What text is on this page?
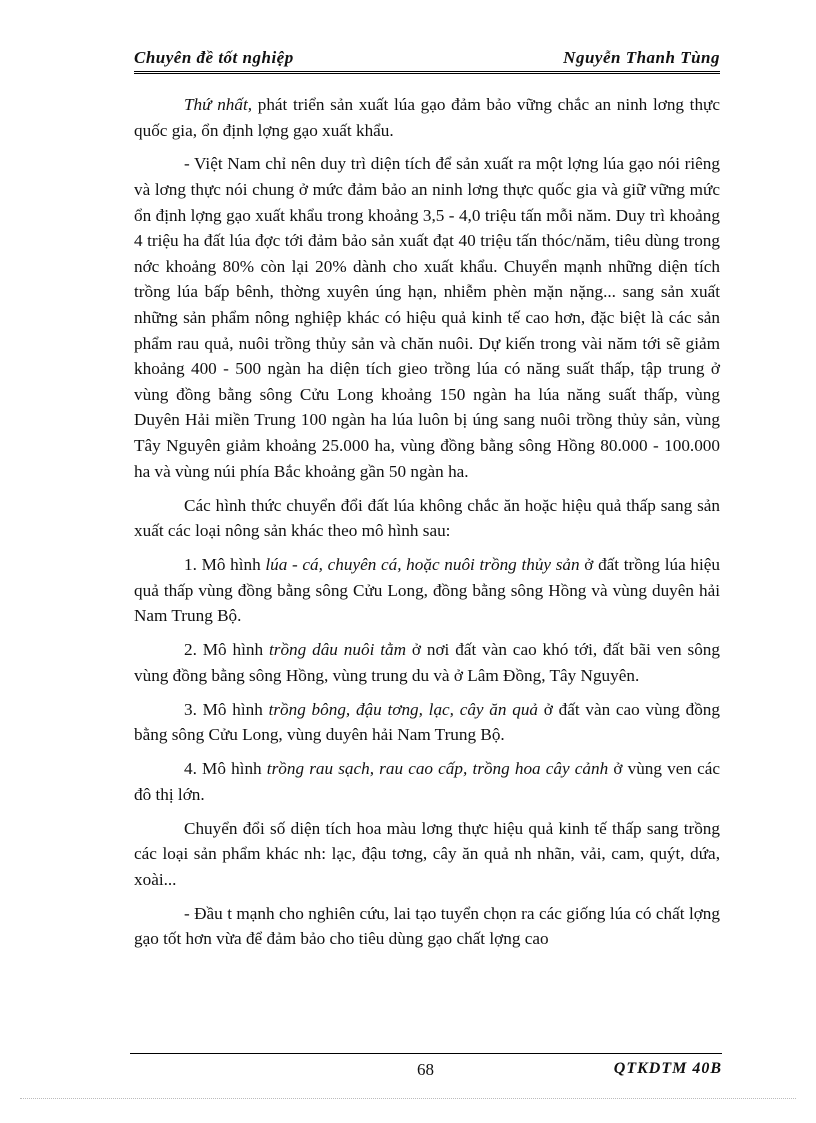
Chuyên đề tốt nghiệp	Nguyễn Thanh Tùng

Thứ nhất, phát triển sản xuất lúa gạo đảm bảo vững chắc an ninh lơng thực quốc gia, ổn định lợng gạo xuất khẩu.

- Việt Nam chỉ nên duy trì diện tích để sản xuất ra một lợng lúa gạo nói riêng và lơng thực nói chung ở mức đảm bảo an ninh lơng thực quốc gia và giữ vững mức ổn định lợng gạo xuất khẩu trong khoảng 3,5 - 4,0 triệu tấn mỗi năm. Duy trì khoảng 4 triệu ha đất lúa đợc tới đảm bảo sản xuất đạt 40 triệu tấn thóc/năm, tiêu dùng trong nớc khoảng 80% còn lại 20% dành cho xuất khẩu. Chuyển mạnh những diện tích trồng lúa bấp bênh, thờng xuyên úng hạn, nhiễm phèn mặn nặng... sang sản xuất những sản phẩm nông nghiệp khác có hiệu quả kinh tế cao hơn, đặc biệt là các sản phẩm rau quả, nuôi trồng thủy sản và chăn nuôi. Dự kiến trong vài năm tới sẽ giảm khoảng 400 - 500 ngàn ha diện tích gieo trồng lúa có năng suất thấp, tập trung ở vùng đồng bằng sông Cửu Long khoảng 150 ngàn ha lúa năng suất thấp, vùng Duyên Hải miền Trung 100 ngàn ha lúa luôn bị úng sang nuôi trồng thủy sản, vùng Tây Nguyên giảm khoảng 25.000 ha, vùng đồng bằng sông Hồng 80.000 - 100.000 ha và vùng núi phía Bắc khoảng gần 50 ngàn ha.

Các hình thức chuyển đổi đất lúa không chắc ăn hoặc hiệu quả thấp sang sản xuất các loại nông sản khác theo mô hình sau:

1. Mô hình lúa - cá, chuyên cá, hoặc nuôi trồng thủy sản ở đất trồng lúa hiệu quả thấp vùng đồng bằng sông Cửu Long, đồng bằng sông Hồng và vùng duyên hải Nam Trung Bộ.

2. Mô hình trồng dâu nuôi tằm ở nơi đất vàn cao khó tới, đất bãi ven sông vùng đồng bằng sông Hồng, vùng trung du và ở Lâm Đồng, Tây Nguyên.

3. Mô hình trồng bông, đậu tơng, lạc, cây ăn quả ở đất vàn cao vùng đồng bằng sông Cửu Long, vùng duyên hải Nam Trung Bộ.

4. Mô hình trồng rau sạch, rau cao cấp, trồng hoa cây cảnh ở vùng ven các đô thị lớn.

Chuyển đổi số diện tích hoa màu lơng thực hiệu quả kinh tế thấp sang trồng các loại sản phẩm khác nh: lạc, đậu tơng, cây ăn quả nh nhãn, vải, cam, quýt, dứa, xoài...

- Đầu t mạnh cho nghiên cứu, lai tạo tuyển chọn ra các giống lúa có chất lợng gạo tốt hơn vừa để đảm bảo cho tiêu dùng gạo chất lợng cao

68	QTKDTM 40B
